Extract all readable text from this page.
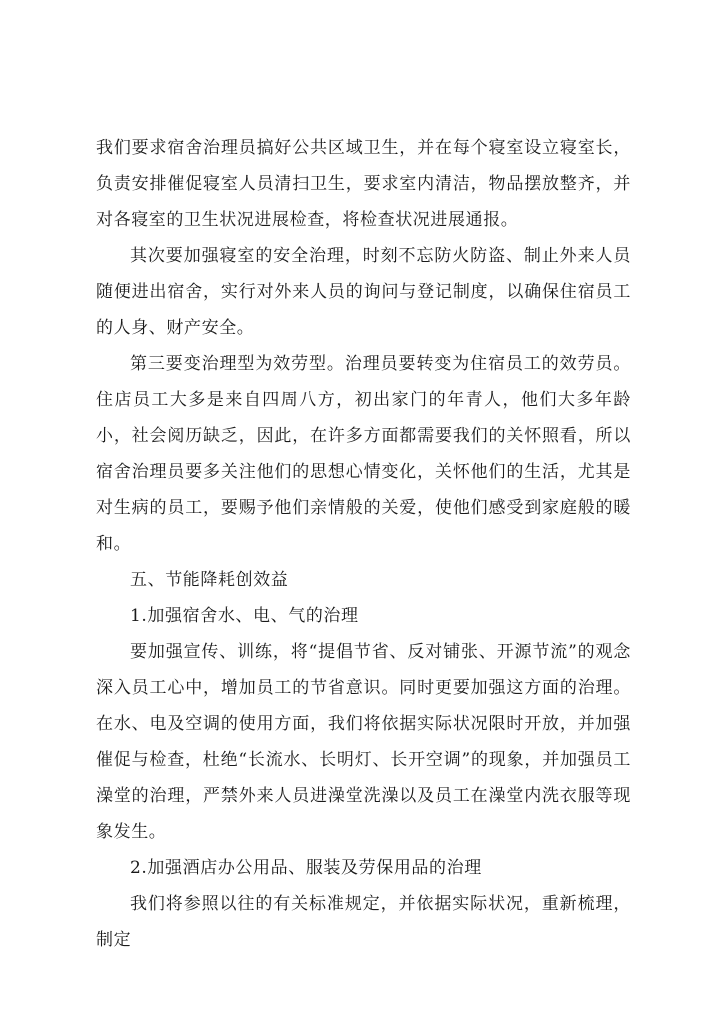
我们要求宿舍治理员搞好公共区域卫生，并在每个寝室设立寝室长，负责安排催促寝室人员清扫卫生，要求室内清洁，物品摆放整齐，并对各寝室的卫生状况进展检查，将检查状况进展通报。

其次要加强寝室的安全治理，时刻不忘防火防盗、制止外来人员随便进出宿舍，实行对外来人员的询问与登记制度，以确保住宿员工的人身、财产安全。

第三要变治理型为效劳型。治理员要转变为住宿员工的效劳员。住店员工大多是来自四周八方，初出家门的年青人，他们大多年龄小，社会阅历缺乏，因此，在许多方面都需要我们的关怀照看，所以宿舍治理员要多关注他们的思想心情变化，关怀他们的生活，尤其是对生病的员工，要赐予他们亲情般的关爱，使他们感受到家庭般的暖和。

五、节能降耗创效益

1.加强宿舍水、电、气的治理

要加强宣传、训练，将“提倡节省、反对铺张、开源节流”的观念深入员工心中，增加员工的节省意识。同时更要加强这方面的治理。在水、电及空调的使用方面，我们将依据实际状况限时开放，并加强催促与检查，杜绝“长流水、长明灯、长开空调”的现象，并加强员工澡堂的治理，严禁外来人员进澡堂洗澡以及员工在澡堂内洗衣服等现象发生。

2.加强酒店办公用品、服装及劳保用品的治理

我们将参照以往的有关标准规定，并依据实际状况，重新梳理，制定
